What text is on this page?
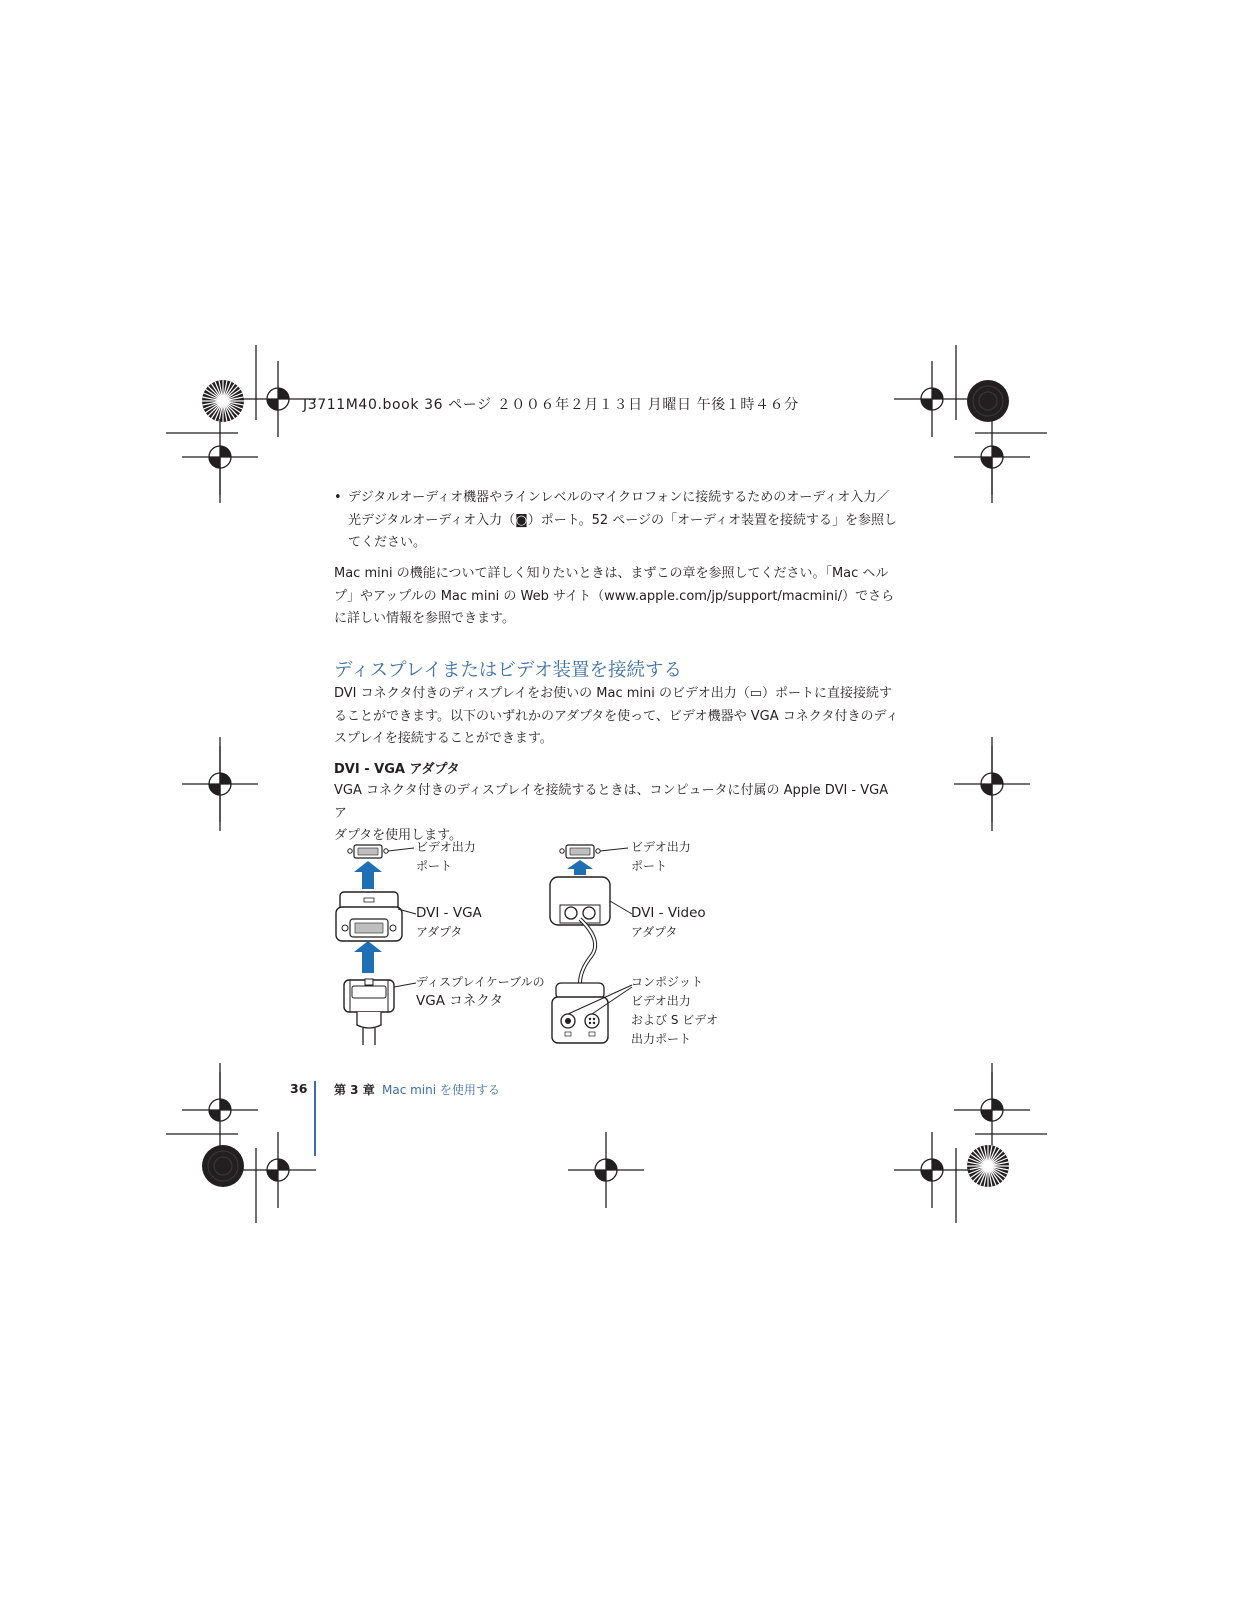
J3711M40.book 36 ページ ２００６年２月１３日 月曜日 午後１時４６分
• デジタルオーディオ機器やラインレベルのマイクロフォンに接続するためのオーディオ入力／
光デジタルオーディオ入力（◙）ポート。52 ページの「オーディオ装置を接続する」を参照し
てください。
Mac mini の機能について詳しく知りたいときは、まずこの章を参照してください。「Mac ヘル
プ」やアップルの Mac mini の Web サイト（www.apple.com/jp/support/macmini/）でさら
に詳しい情報を参照できます。
ディスプレイまたはビデオ装置を接続する
DVI コネクタ付きのディスプレイをお使いの Mac mini のビデオ出力（▭）ポートに直接接続す
ることができます。以下のいずれかのアダプタを使って、ビデオ機器や VGA コネクタ付きのディ
スプレイを接続することができます。
DVI - VGA アダプタ
VGA コネクタ付きのディスプレイを接続するときは、コンピュータに付属の Apple DVI - VGA ア
ダプタを使用します。
ビデオ出力
ポート
DVI - VGA
アダプタ
ディスプレイケーブルの
VGA コネクタ
ビデオ出力
ポート
DVI - Video
アダプタ
コンポジット
ビデオ出力
および S ビデオ
出力ポート
36 第 3 章 Mac mini を使用する
